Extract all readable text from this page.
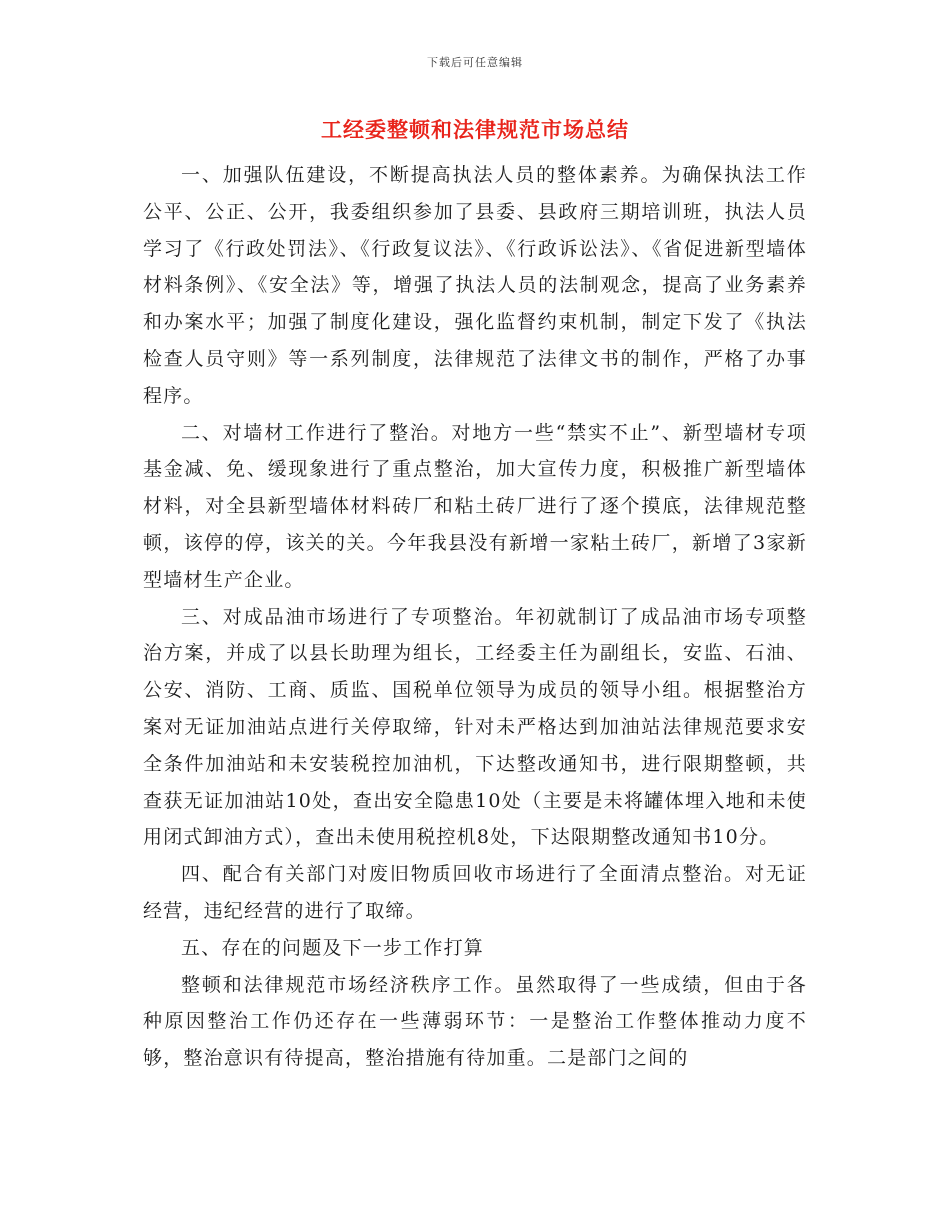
下载后可任意编辑
工经委整顿和法律规范市场总结

一、加强队伍建设，不断提高执法人员的整体素养。为确保执法工作公平、公正、公开，我委组织参加了县委、县政府三期培训班，执法人员学习了《行政处罚法》、《行政复议法》、《行政诉讼法》、《省促进新型墙体材料条例》、《安全法》等，增强了执法人员的法制观念，提高了业务素养和办案水平；加强了制度化建设，强化监督约束机制，制定下发了《执法检查人员守则》等一系列制度，法律规范了法律文书的制作，严格了办事程序。

二、对墙材工作进行了整治。对地方一些“禁实不止”、新型墙材专项基金减、免、缓现象进行了重点整治，加大宣传力度，积极推广新型墙体材料，对全县新型墙体材料砖厂和粘土砖厂进行了逐个摸底，法律规范整顿，该停的停，该关的关。今年我县没有新增一家粘土砖厂，新增了3家新型墙材生产企业。

三、对成品油市场进行了专项整治。年初就制订了成品油市场专项整治方案，并成了以县长助理为组长，工经委主任为副组长，安监、石油、公安、消防、工商、质监、国税单位领导为成员的领导小组。根据整治方案对无证加油站点进行关停取缔，针对未严格达到加油站法律规范要求安全条件加油站和未安装税控加油机，下达整改通知书，进行限期整顿，共查获无证加油站10处，查出安全隐患10处（主要是未将罐体埋入地和未使用闭式卸油方式），查出未使用税控机8处，下达限期整改通知书10分。

四、配合有关部门对废旧物质回收市场进行了全面清点整治。对无证经营，违纪经营的进行了取缔。

五、存在的问题及下一步工作打算

整顿和法律规范市场经济秩序工作。虽然取得了一些成绩，但由于各种原因整治工作仍还存在一些薄弱环节：一是整治工作整体推动力度不够，整治意识有待提高，整治措施有待加重。二是部门之间的
